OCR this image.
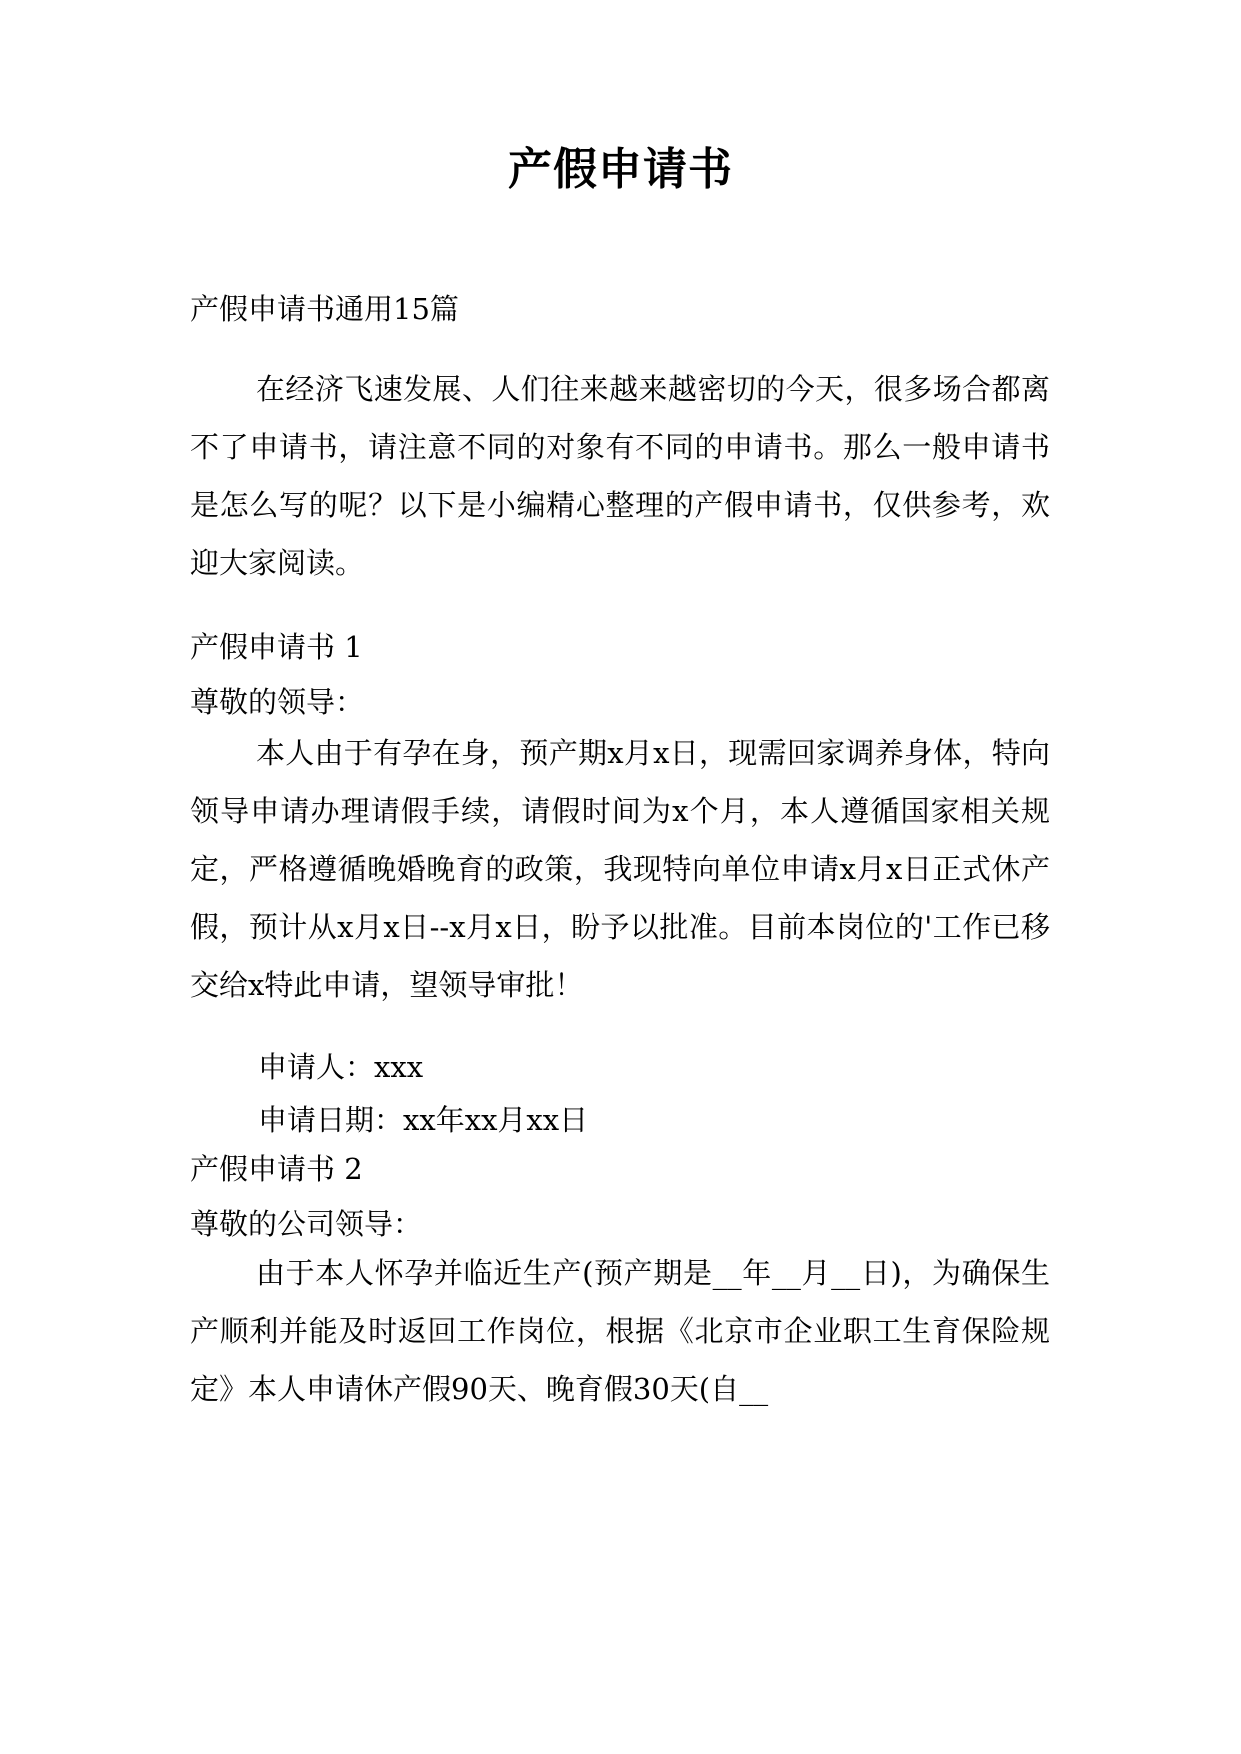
产假申请书
产假申请书通用15篇

在经济飞速发展、人们往来越来越密切的今天，很多场合都离不了申请书，请注意不同的对象有不同的申请书。那么一般申请书是怎么写的呢？以下是小编精心整理的产假申请书，仅供参考，欢迎大家阅读。

产假申请书 1
尊敬的领导：

本人由于有孕在身，预产期x月x日，现需回家调养身体，特向领导申请办理请假手续，请假时间为x个月，本人遵循国家相关规定，严格遵循晚婚晚育的政策，我现特向单位申请x月x日正式休产假，预计从x月x日--x月x日，盼予以批准。目前本岗位的'工作已移交给x特此申请，望领导审批！

申请人：xxx
申请日期：xx年xx月xx日
产假申请书 2
尊敬的公司领导：

由于本人怀孕并临近生产(预产期是__年__月__日)，为确保生产顺利并能及时返回工作岗位，根据《北京市企业职工生育保险规定》本人申请休产假90天、晚育假30天(自__
